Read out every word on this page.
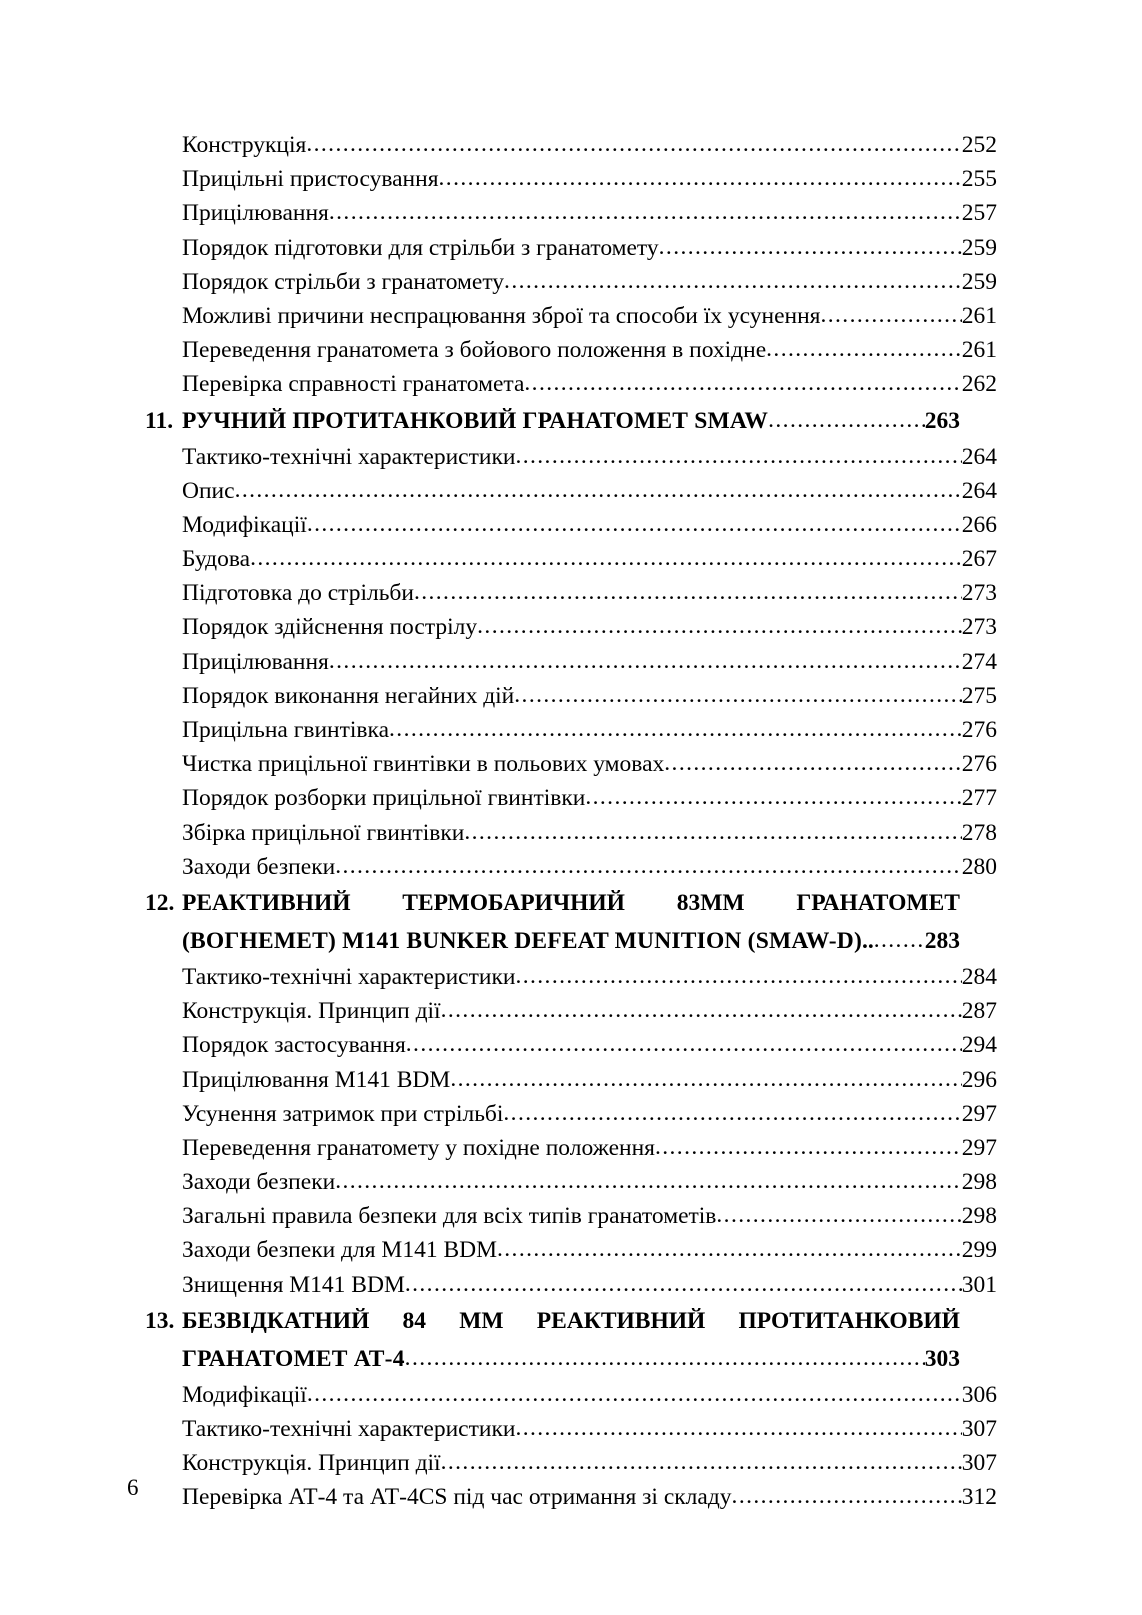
Конструкція .....	252
Прицільні пристосування .....	255
Прицілювання .....	257
Порядок підготовки для стрільби з гранатомету .....	259
Порядок стрільби з гранатомету .....	259
Можливі причини неспрацювання зброї та способи їх усунення .....	261
Переведення гранатомета з бойового положення в похідне .....	261
Перевірка справності гранатомета .....	262
11. РУЧНИЙ ПРОТИТАНКОВИЙ ГРАНАТОМЕТ SMAW .....	263
Тактико-технічні характеристики .....	264
Опис .....	264
Модифікації .....	266
Будова .....	267
Підготовка до стрільби .....	273
Порядок здійснення пострілу .....	273
Прицілювання .....	274
Порядок виконання негайних дій .....	275
Прицільна гвинтівка .....	276
Чистка прицільної гвинтівки в польових умовах .....	276
Порядок розборки прицільної гвинтівки .....	277
Збірка прицільної гвинтівки .....	278
Заходи безпеки .....	280
12. РЕАКТИВНИЙ ТЕРМОБАРИЧНИЙ 83ММ ГРАНАТОМЕТ
(ВОГНЕМЕТ) M141 BUNKER DEFEAT MUNITION (SMAW-D) .. ..... 283
Тактико-технічні характеристики .....	284
Конструкція. Принцип дії .....	287
Порядок застосування .....	294
Прицілювання M141 BDM .....	296
Усунення затримок при стрільбі .....	297
Переведення гранатомету у похідне положення .....	297
Заходи безпеки .....	298
Загальні правила безпеки для всіх типів гранатометів .....	298
Заходи безпеки для M141 BDM .....	299
Знищення M141 BDM .....	301
13. БЕЗВІДКАТНИЙ 84 ММ РЕАКТИВНИЙ ПРОТИТАНКОВИЙ
ГРАНАТОМЕТ АТ-4 .....	303
Модифікації .....	306
Тактико-технічні характеристики .....	307
Конструкція. Принцип дії .....	307
Перевірка АТ-4 та АТ-4CS під час отримання зі складу .....	312
6
